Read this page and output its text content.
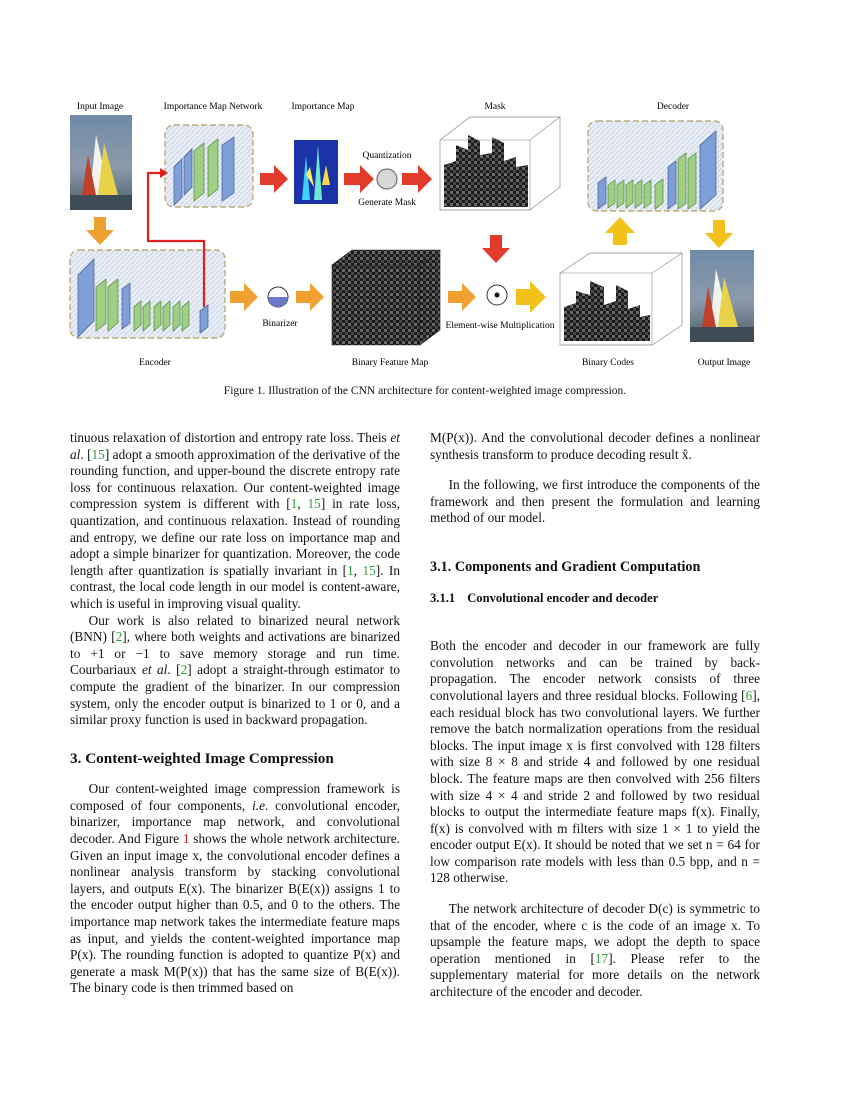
Input Image	Importance Map Network	Importance Map	Mask	Decoder
Quantization
Generate Mask
Binarizer	Element-wise Multiplication
Encoder	Binary Feature Map	Binary Codes	Output Image
Figure 1. Illustration of the CNN architecture for content-weighted image compression.

tinuous relaxation of distortion and entropy rate loss. Theis et al. [15] adopt a smooth approximation of the derivative of the rounding function, and upper-bound the discrete entropy rate loss for continuous relaxation. Our content-weighted image compression system is different with [1, 15] in rate loss, quantization, and continuous relaxation. Instead of rounding and entropy, we define our rate loss on importance map and adopt a simple binarizer for quantization. Moreover, the code length after quantization is spatially invariant in [1, 15]. In contrast, the local code length in our model is content-aware, which is useful in improving visual quality.

Our work is also related to binarized neural network (BNN) [2], where both weights and activations are binarized to +1 or −1 to save memory storage and run time. Courbariaux et al. [2] adopt a straight-through estimator to compute the gradient of the binarizer. In our compression system, only the encoder output is binarized to 1 or 0, and a similar proxy function is used in backward propagation.

3. Content-weighted Image Compression

Our content-weighted image compression framework is composed of four components, i.e. convolutional encoder, binarizer, importance map network, and convolutional decoder. And Figure 1 shows the whole network architecture. Given an input image x, the convolutional encoder defines a nonlinear analysis transform by stacking convolutional layers, and outputs E(x). The binarizer B(E(x)) assigns 1 to the encoder output higher than 0.5, and 0 to the others. The importance map network takes the intermediate feature maps as input, and yields the content-weighted importance map P(x). The rounding function is adopted to quantize P(x) and generate a mask M(P(x)) that has the same size of B(E(x)). The binary code is then trimmed based on

M(P(x)). And the convolutional decoder defines a nonlinear synthesis transform to produce decoding result x̂.

In the following, we first introduce the components of the framework and then present the formulation and learning method of our model.

3.1. Components and Gradient Computation
3.1.1 Convolutional encoder and decoder

Both the encoder and decoder in our framework are fully convolution networks and can be trained by back-propagation. The encoder network consists of three convolutional layers and three residual blocks. Following [6], each residual block has two convolutional layers. We further remove the batch normalization operations from the residual blocks. The input image x is first convolved with 128 filters with size 8 × 8 and stride 4 and followed by one residual block. The feature maps are then convolved with 256 filters with size 4 × 4 and stride 2 and followed by two residual blocks to output the intermediate feature maps f(x). Finally, f(x) is convolved with m filters with size 1 × 1 to yield the encoder output E(x). It should be noted that we set n = 64 for low comparison rate models with less than 0.5 bpp, and n = 128 otherwise.

The network architecture of decoder D(c) is symmetric to that of the encoder, where c is the code of an image x. To upsample the feature maps, we adopt the depth to space operation mentioned in [17]. Please refer to the supplementary material for more details on the network architecture of the encoder and decoder.
